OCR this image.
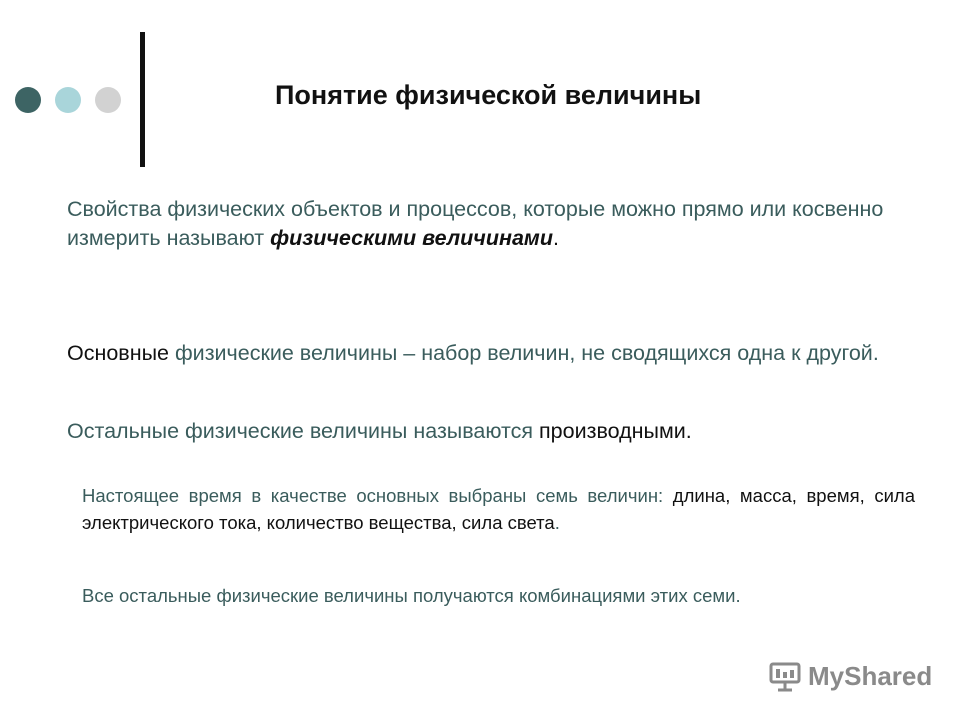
Понятие физической величины
Свойства физических объектов и процессов, которые можно прямо или косвенно измерить называют физическими величинами.
Основные физические величины – набор величин, не сводящихся одна к другой.
Остальные физические величины называются производными.
Настоящее время в качестве основных выбраны семь величин: длина, масса, время, сила электрического тока, количество вещества, сила света.
Все остальные физические величины получаются комбинациями этих семи.
MyShared
